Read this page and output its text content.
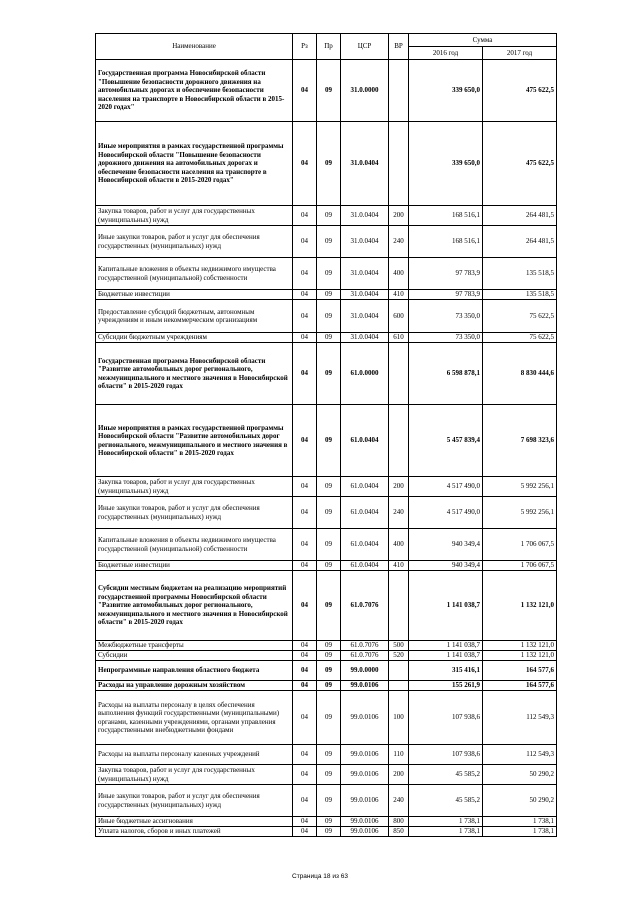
Наименование	Рз	Пр	ЦСР	ВР	Сумма	
					2016 год	2017 год
Государственная программа Новосибирской области "Повышение безопасности дорожного движения на автомобильных дорогах и обеспечение безопасности населения на транспорте в Новосибирской области в 2015-2020 годах"	04	09	31.0.0000		339 650,0	475 622,5
Иные мероприятия в рамках государственной программы Новосибирской области "Повышение безопасности дорожного движения на автомобильных дорогах и обеспечение безопасности населения на транспорте в Новосибирской области в 2015-2020 годах"	04	09	31.0.0404		339 650,0	475 622,5
Закупка товаров, работ и услуг для государственных (муниципальных) нужд	04	09	31.0.0404	200	168 516,1	264 481,5
Иные закупки товаров, работ и услуг для обеспечения государственных (муниципальных) нужд	04	09	31.0.0404	240	168 516,1	264 481,5
Капитальные вложения в объекты недвижимого имущества государственной (муниципальной) собственности	04	09	31.0.0404	400	97 783,9	135 518,5
Бюджетные инвестиции	04	09	31.0.0404	410	97 783,9	135 518,5
Предоставление субсидий бюджетным, автономным учреждениям и иным некоммерческим организациям	04	09	31.0.0404	600	73 350,0	75 622,5
Субсидии бюджетным учреждениям	04	09	31.0.0404	610	73 350,0	75 622,5
Государственная программа Новосибирской области "Развитие автомобильных дорог регионального, межмуниципального и местного значения в Новосибирской области" в 2015-2020 годах	04	09	61.0.0000		6 598 878,1	8 830 444,6
Иные мероприятия в рамках государственной программы Новосибирской области "Развитие автомобильных дорог регионального, межмуниципального и местного значения в Новосибирской области" в 2015-2020 годах	04	09	61.0.0404		5 457 839,4	7 698 323,6
Закупка товаров, работ и услуг для государственных (муниципальных) нужд	04	09	61.0.0404	200	4 517 490,0	5 992 256,1
Иные закупки товаров, работ и услуг для обеспечения государственных (муниципальных) нужд	04	09	61.0.0404	240	4 517 490,0	5 992 256,1
Капитальные вложения в объекты недвижимого имущества государственной (муниципальной) собственности	04	09	61.0.0404	400	940 349,4	1 706 067,5
Бюджетные инвестиции	04	09	61.0.0404	410	940 349,4	1 706 067,5
Субсидии местным бюджетам на реализацию мероприятий государственной программы Новосибирской области "Развитие автомобильных дорог регионального, межмуниципального и местного значения в Новосибирской области" в 2015-2020 годах	04	09	61.0.7076		1 141 038,7	1 132 121,0
Межбюджетные трансферты	04	09	61.0.7076	500	1 141 038,7	1 132 121,0
Субсидии	04	09	61.0.7076	520	1 141 038,7	1 132 121,0
Непрограммные направления областного бюджета	04	09	99.0.0000		315 416,1	164 577,6
Расходы на управление дорожным хозяйством	04	09	99.0.0106		155 261,9	164 577,6
Расходы на выплаты персоналу в целях обеспечения выполнения функций государственными (муниципальными) органами, казенными учреждениями, органами управления государственными внебюджетными фондами	04	09	99.0.0106	100	107 938,6	112 549,3
Расходы на выплаты персоналу казенных учреждений	04	09	99.0.0106	110	107 938,6	112 549,3
Закупка товаров, работ и услуг для государственных (муниципальных) нужд	04	09	99.0.0106	200	45 585,2	50 290,2
Иные закупки товаров, работ и услуг для обеспечения государственных (муниципальных) нужд	04	09	99.0.0106	240	45 585,2	50 290,2
Иные бюджетные ассигнования	04	09	99.0.0106	800	1 738,1	1 738,1
Уплата налогов, сборов и иных платежей	04	09	99.0.0106	850	1 738,1	1 738,1
Страница 18 из 63
